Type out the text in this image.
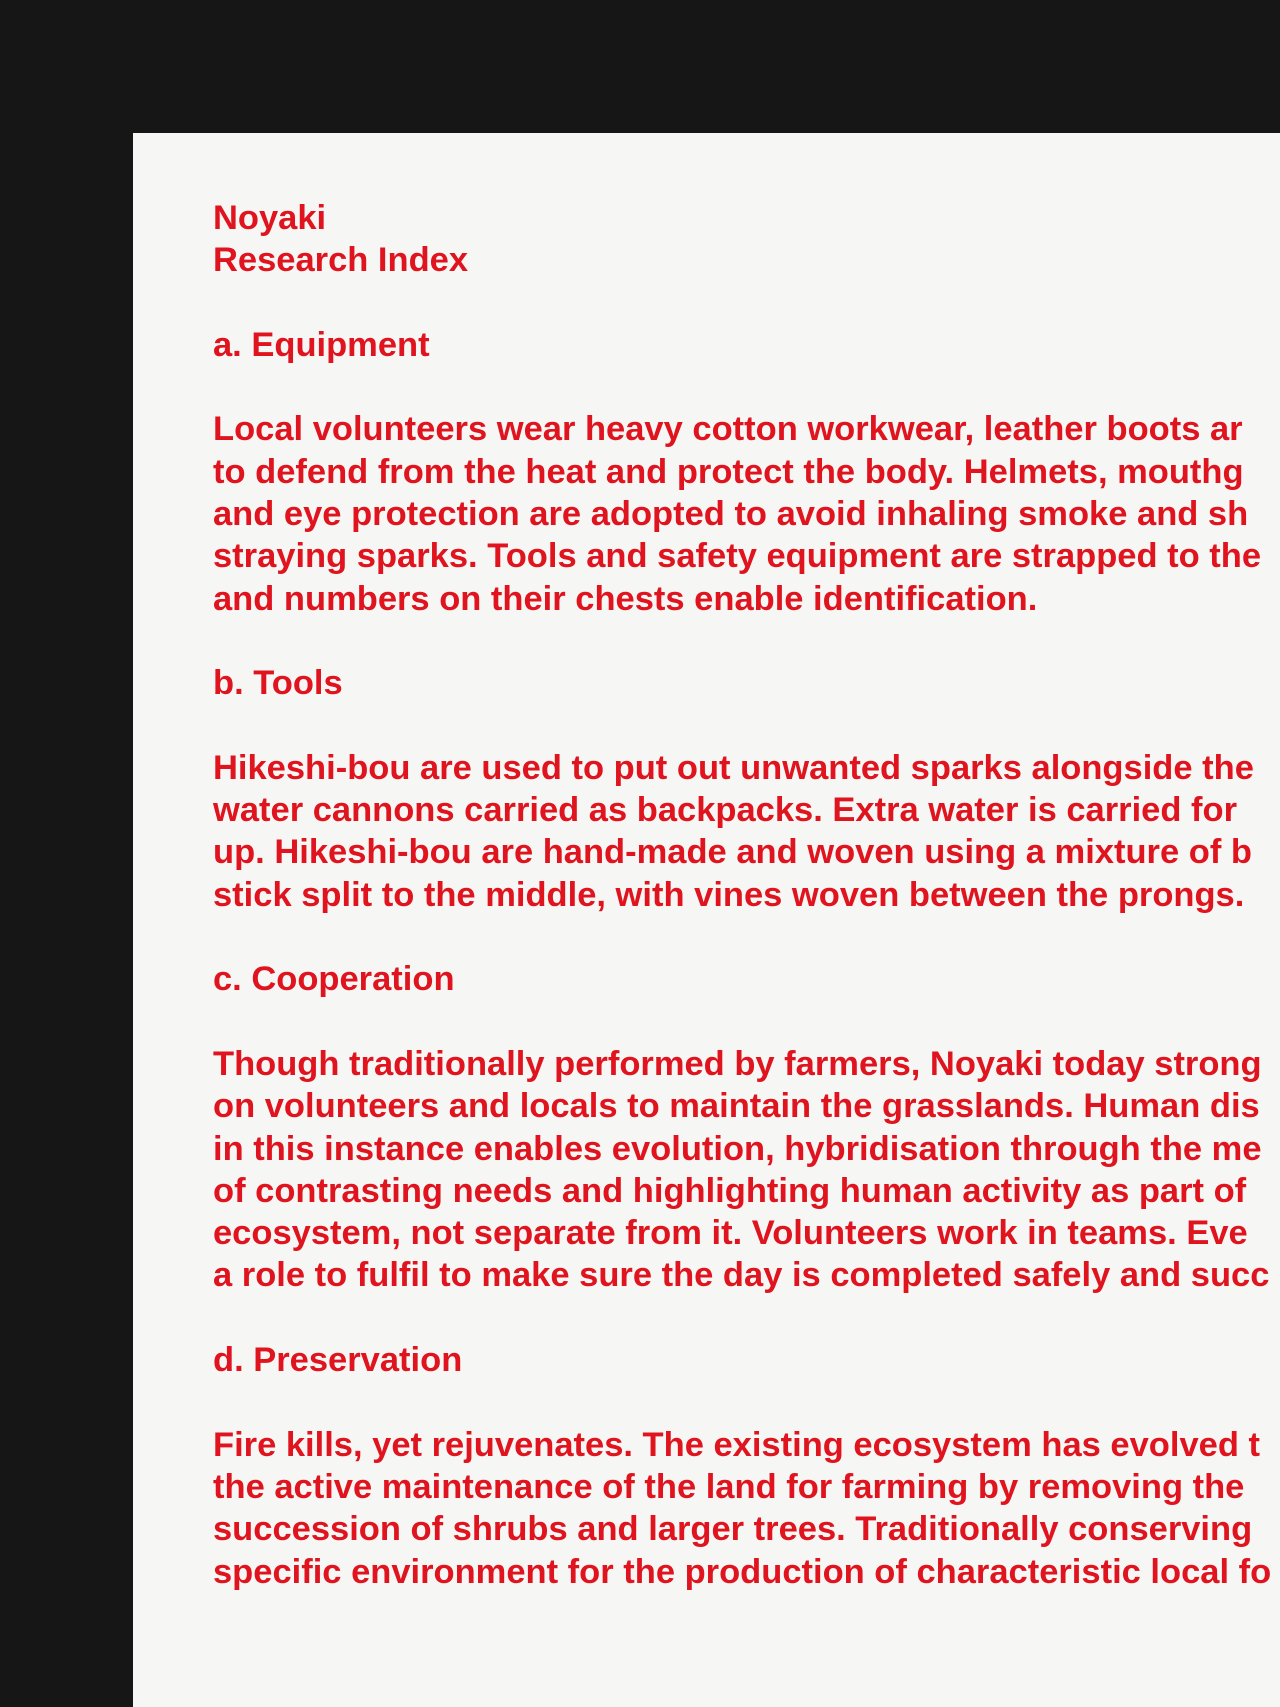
Noyaki
Research Index
a. Equipment
Local volunteers wear heavy cotton workwear, leather boots ar
to defend from the heat and protect the body. Helmets, mouthg
and eye protection are adopted to avoid inhaling smoke and sh
straying sparks. Tools and safety equipment are strapped to the
and numbers on their chests enable identification.
b. Tools
Hikeshi-bou are used to put out unwanted sparks alongside the
water cannons carried as backpacks. Extra water is carried for
up. Hikeshi-bou are hand-made and woven using a mixture of b
stick split to the middle, with vines woven between the prongs.
c. Cooperation
Though traditionally performed by farmers, Noyaki today strong
on volunteers and locals to maintain the grasslands. Human dis
in this instance enables evolution, hybridisation through the me
of contrasting needs and highlighting human activity as part of
ecosystem, not separate from it. Volunteers work in teams. Eve
a role to fulfil to make sure the day is completed safely and succ
d. Preservation
Fire kills, yet rejuvenates. The existing ecosystem has evolved t
the active maintenance of the land for farming by removing the
succession of shrubs and larger trees. Traditionally conserving
specific environment for the production of characteristic local fo
